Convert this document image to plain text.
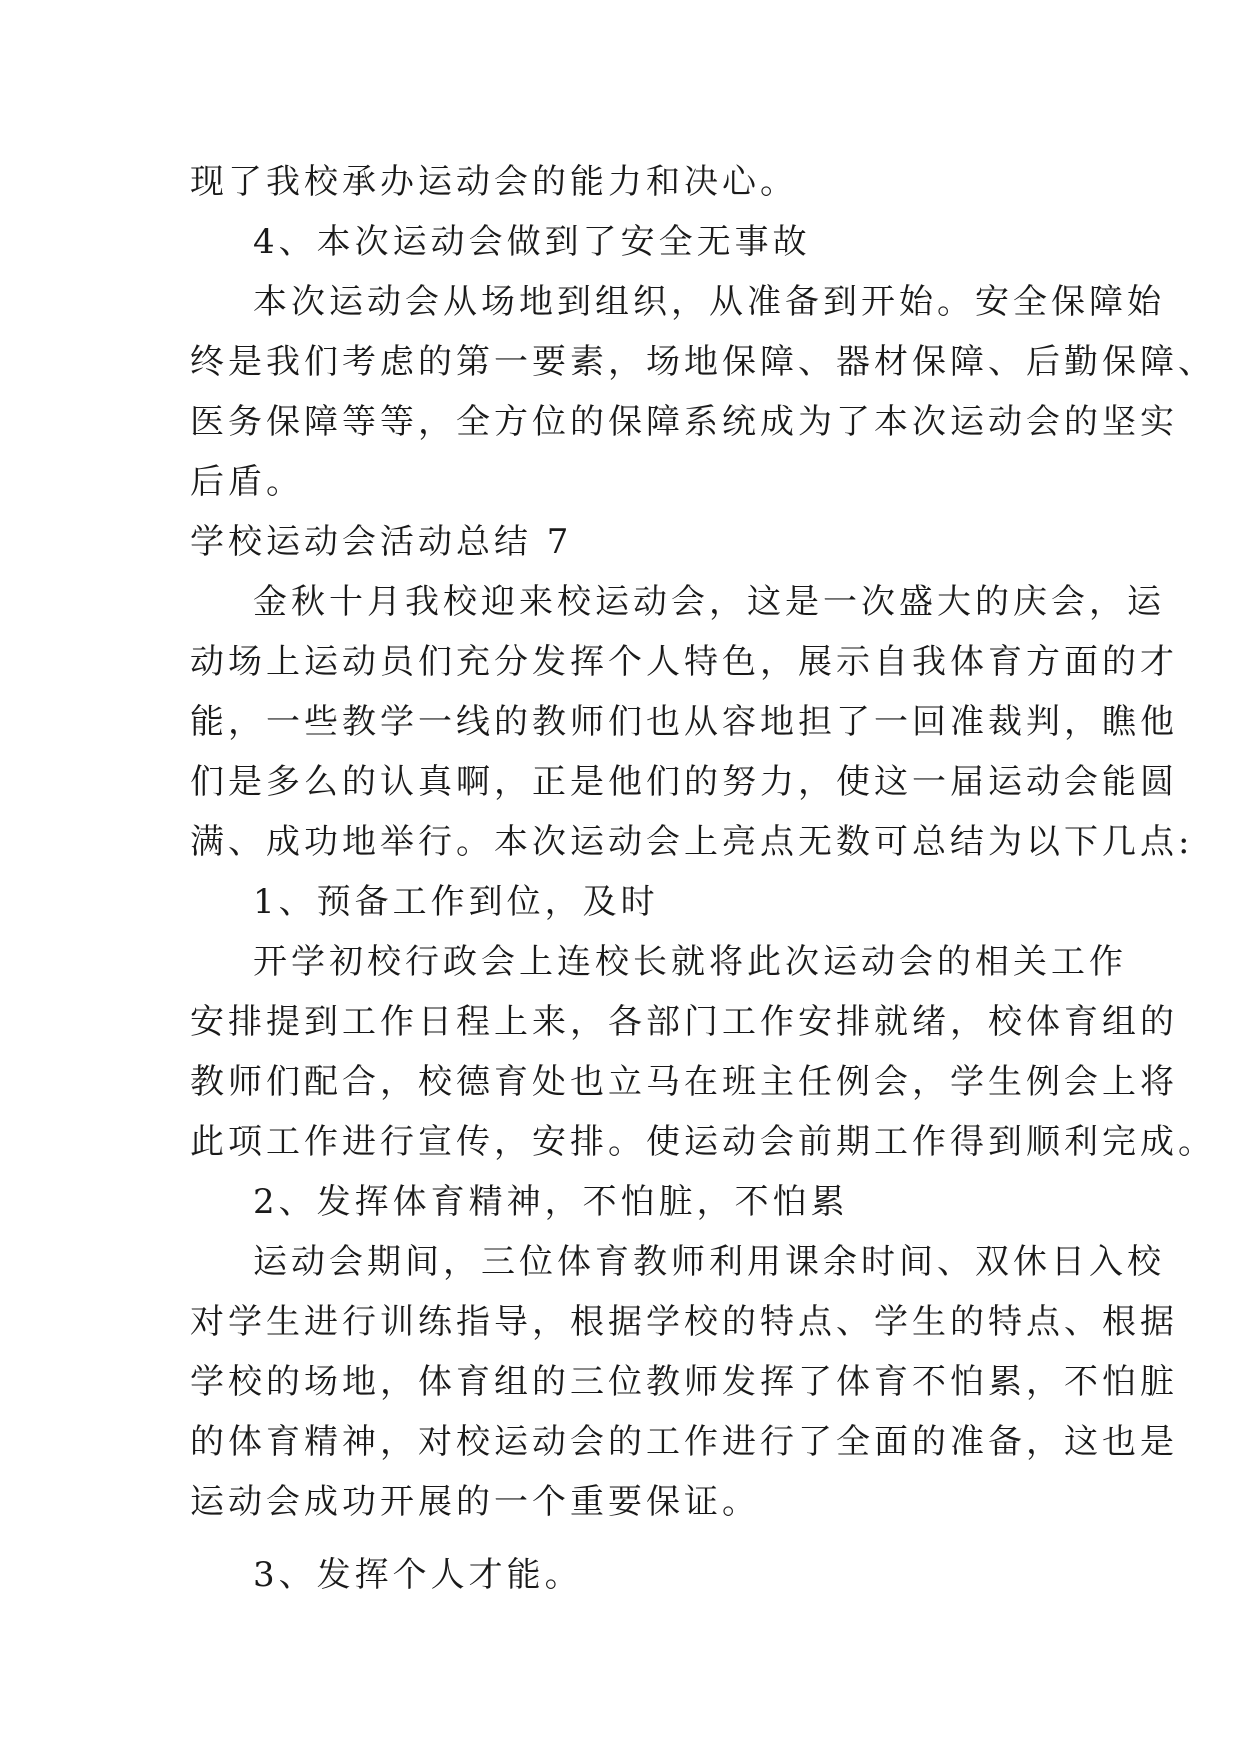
现了我校承办运动会的能力和决心。
4、本次运动会做到了安全无事故
本次运动会从场地到组织，从准备到开始。安全保障始
终是我们考虑的第一要素，场地保障、器材保障、后勤保障、
医务保障等等，全方位的保障系统成为了本次运动会的坚实
后盾。
学校运动会活动总结 7
金秋十月我校迎来校运动会，这是一次盛大的庆会，运
动场上运动员们充分发挥个人特色，展示自我体育方面的才
能，一些教学一线的教师们也从容地担了一回准裁判，瞧他
们是多么的认真啊，正是他们的努力，使这一届运动会能圆
满、成功地举行。本次运动会上亮点无数可总结为以下几点:
1、预备工作到位，及时
开学初校行政会上连校长就将此次运动会的相关工作
安排提到工作日程上来，各部门工作安排就绪，校体育组的
教师们配合，校德育处也立马在班主任例会，学生例会上将
此项工作进行宣传，安排。使运动会前期工作得到顺利完成。
2、发挥体育精神，不怕脏，不怕累
运动会期间，三位体育教师利用课余时间、双休日入校
对学生进行训练指导，根据学校的特点、学生的特点、根据
学校的场地，体育组的三位教师发挥了体育不怕累，不怕脏
的体育精神，对校运动会的工作进行了全面的准备，这也是
运动会成功开展的一个重要保证。
3、发挥个人才能。
